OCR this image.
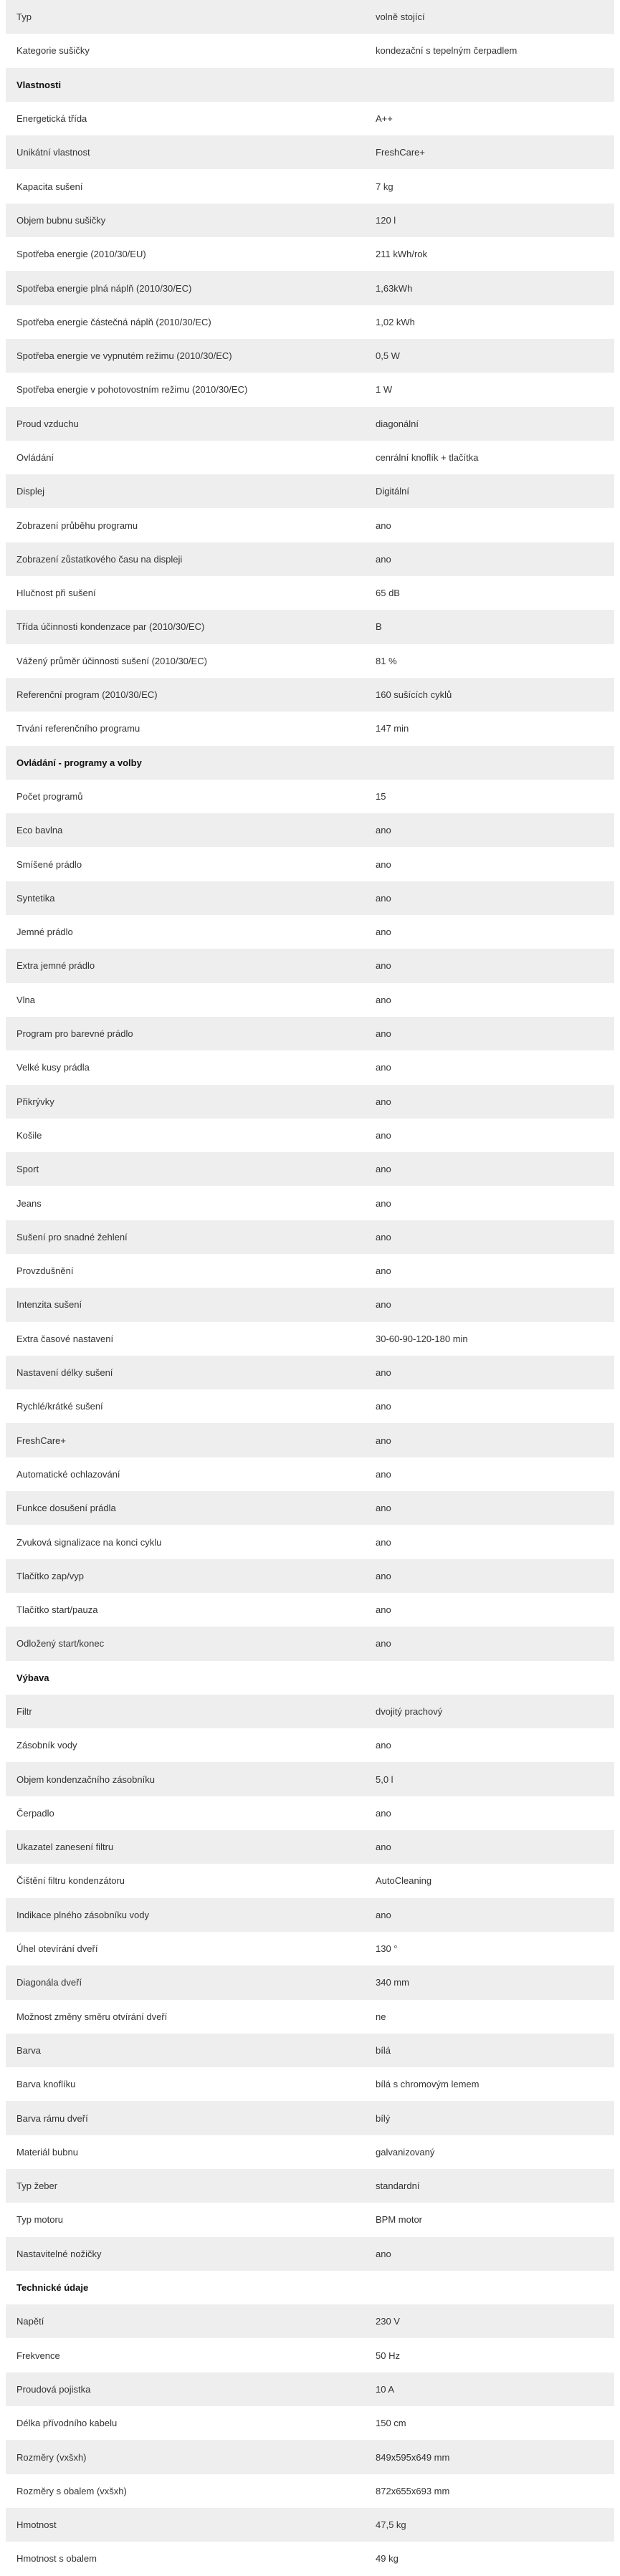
Typ	volně stojící
Kategorie sušičky	kondezační s tepelným čerpadlem
Vlastnosti
Energetická třída	A++
Unikátní vlastnost	FreshCare+
Kapacita sušení	7 kg
Objem bubnu sušičky	120 l
Spotřeba energie (2010/30/EU)	211 kWh/rok
Spotřeba energie plná náplň (2010/30/EC)	1,63kWh
Spotřeba energie částečná náplň (2010/30/EC)	1,02 kWh
Spotřeba energie ve vypnutém režimu (2010/30/EC)	0,5 W
Spotřeba energie v pohotovostním režimu (2010/30/EC)	1 W
Proud vzduchu	diagonální
Ovládání	cenrální knoflík + tlačítka
Displej	Digitální
Zobrazení průběhu programu	ano
Zobrazení zůstatkového času na displeji	ano
Hlučnost při sušení	65 dB
Třída účinnosti kondenzace par (2010/30/EC)	B
Vážený průměr účinnosti sušení (2010/30/EC)	81 %
Referenční program (2010/30/EC)	160 sušících cyklů
Trvání referenčního programu	147 min
Ovládání - programy a volby
Počet programů	15
Eco bavlna	ano
Smíšené prádlo	ano
Syntetika	ano
Jemné prádlo	ano
Extra jemné prádlo	ano
Vlna	ano
Program pro barevné prádlo	ano
Velké kusy prádla	ano
Přikrývky	ano
Košile	ano
Sport	ano
Jeans	ano
Sušení pro snadné žehlení	ano
Provzdušnění	ano
Intenzita sušení	ano
Extra časové nastavení	30-60-90-120-180 min
Nastavení délky sušení	ano
Rychlé/krátké sušení	ano
FreshCare+	ano
Automatické ochlazování	ano
Funkce dosušení prádla	ano
Zvuková signalizace na konci cyklu	ano
Tlačítko zap/vyp	ano
Tlačítko start/pauza	ano
Odložený start/konec	ano
Výbava
Filtr	dvojitý prachový
Zásobník vody	ano
Objem kondenzačního zásobníku	5,0 l
Čerpadlo	ano
Ukazatel zanesení filtru	ano
Čištění filtru kondenzátoru	AutoCleaning
Indikace plného zásobníku vody	ano
Úhel otevírání dveří	130 °
Diagonála dveří	340 mm
Možnost změny směru otvírání dveří	ne
Barva	bílá
Barva knoflíku	bílá s chromovým lemem
Barva rámu dveří	bílý
Materiál bubnu	galvanizovaný
Typ žeber	standardní
Typ motoru	BPM motor
Nastavitelné nožičky	ano
Technické údaje
Napětí	230 V
Frekvence	50 Hz
Proudová pojistka	10 A
Délka přívodního kabelu	150 cm
Rozměry (vxšxh)	849x595x649 mm
Rozměry s obalem (vxšxh)	872x655x693 mm
Hmotnost	47,5 kg
Hmotnost s obalem	49 kg
